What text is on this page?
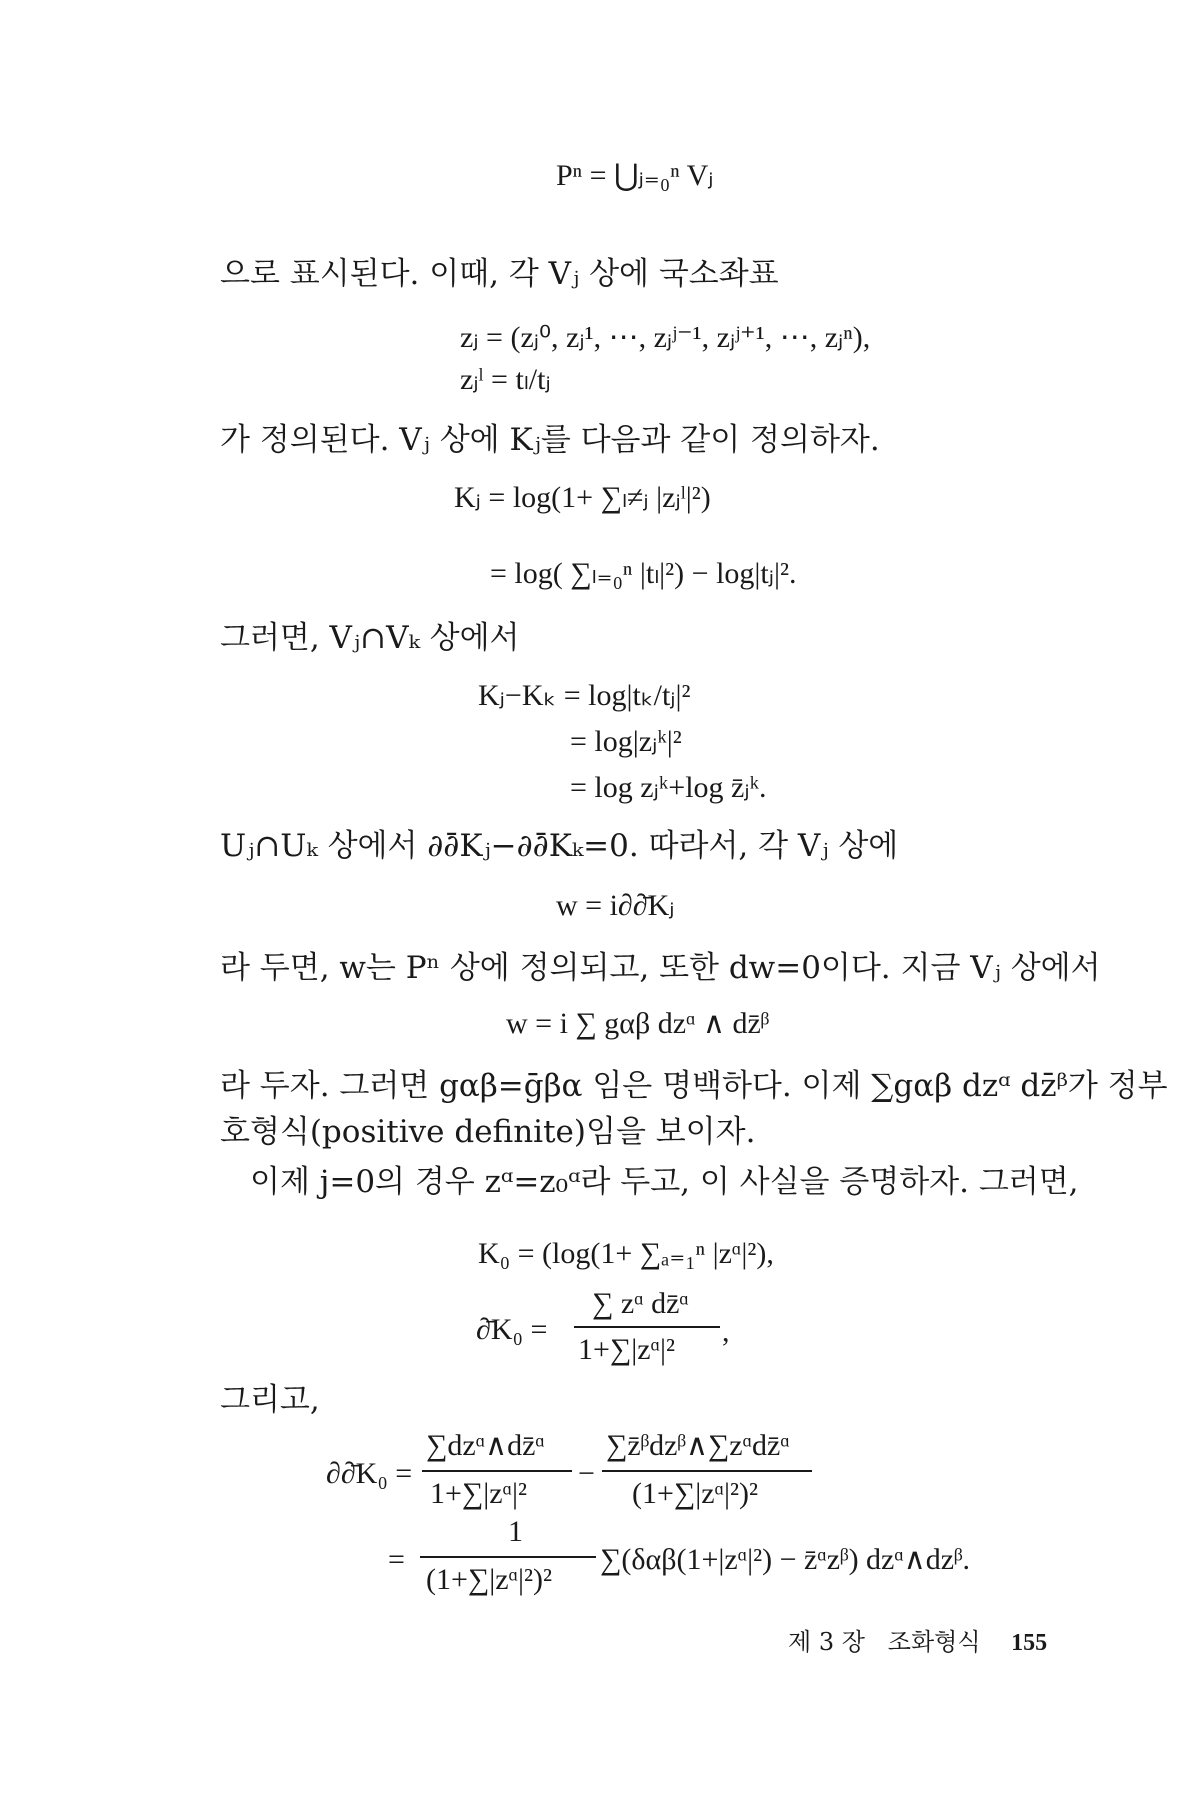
Pⁿ = ⋃ⱼ₌₀ⁿ Vⱼ
으로 표시된다. 이때, 각 Vⱼ 상에 국소좌표
zⱼ = (zⱼ⁰, zⱼ¹, ⋯, zⱼʲ⁻¹, zⱼʲ⁺¹, ⋯, zⱼⁿ),
zⱼˡ = tₗ/tⱼ
가 정의된다. Vⱼ 상에 Kⱼ를 다음과 같이 정의하자.
Kⱼ = log(1+ ∑ₗ≠ⱼ |zⱼˡ|²)
= log( ∑ₗ₌₀ⁿ |tₗ|²) − log|tⱼ|².
그러면, Vⱼ∩Vₖ 상에서
Kⱼ−Kₖ = log|tₖ/tⱼ|²
= log|zⱼᵏ|²
= log zⱼᵏ+log z̄ⱼᵏ.
Uⱼ∩Uₖ 상에서 ∂∂̄Kⱼ−∂∂̄Kₖ=0. 따라서, 각 Vⱼ 상에
w = i∂∂̄Kⱼ
라 두면, w는 Pⁿ 상에 정의되고, 또한 dw=0이다. 지금 Vⱼ 상에서
w = i ∑ gαβ dzᵅ ∧ dz̄ᵝ
라 두자. 그러면 gαβ=ḡβα 임은 명백하다. 이제 ∑gαβ dzᵅ dz̄ᵝ가 정부
호형식(positive definite)임을 보이자.
이제 j=0의 경우 zᵅ=z₀ᵅ라 두고, 이 사실을 증명하자. 그러면,
K₀ = (log(1+ ∑ₐ₌₁ⁿ |zᵅ|²),
∂̄K₀ =
∑ zᵅ dz̄ᵅ
1+∑|zᵅ|²
,
그리고,
∂∂̄K₀ =
∑dzᵅ∧dz̄ᵅ
1+∑|zᵅ|²
−
∑z̄ᵝdzᵝ∧∑zᵅdz̄ᵅ
(1+∑|zᵅ|²)²
=
1
(1+∑|zᵅ|²)²
∑(δαβ(1+|zᵅ|²) − z̄ᵅzᵝ) dzᵅ∧dzᵝ.
제 3 장 조화형식 155
